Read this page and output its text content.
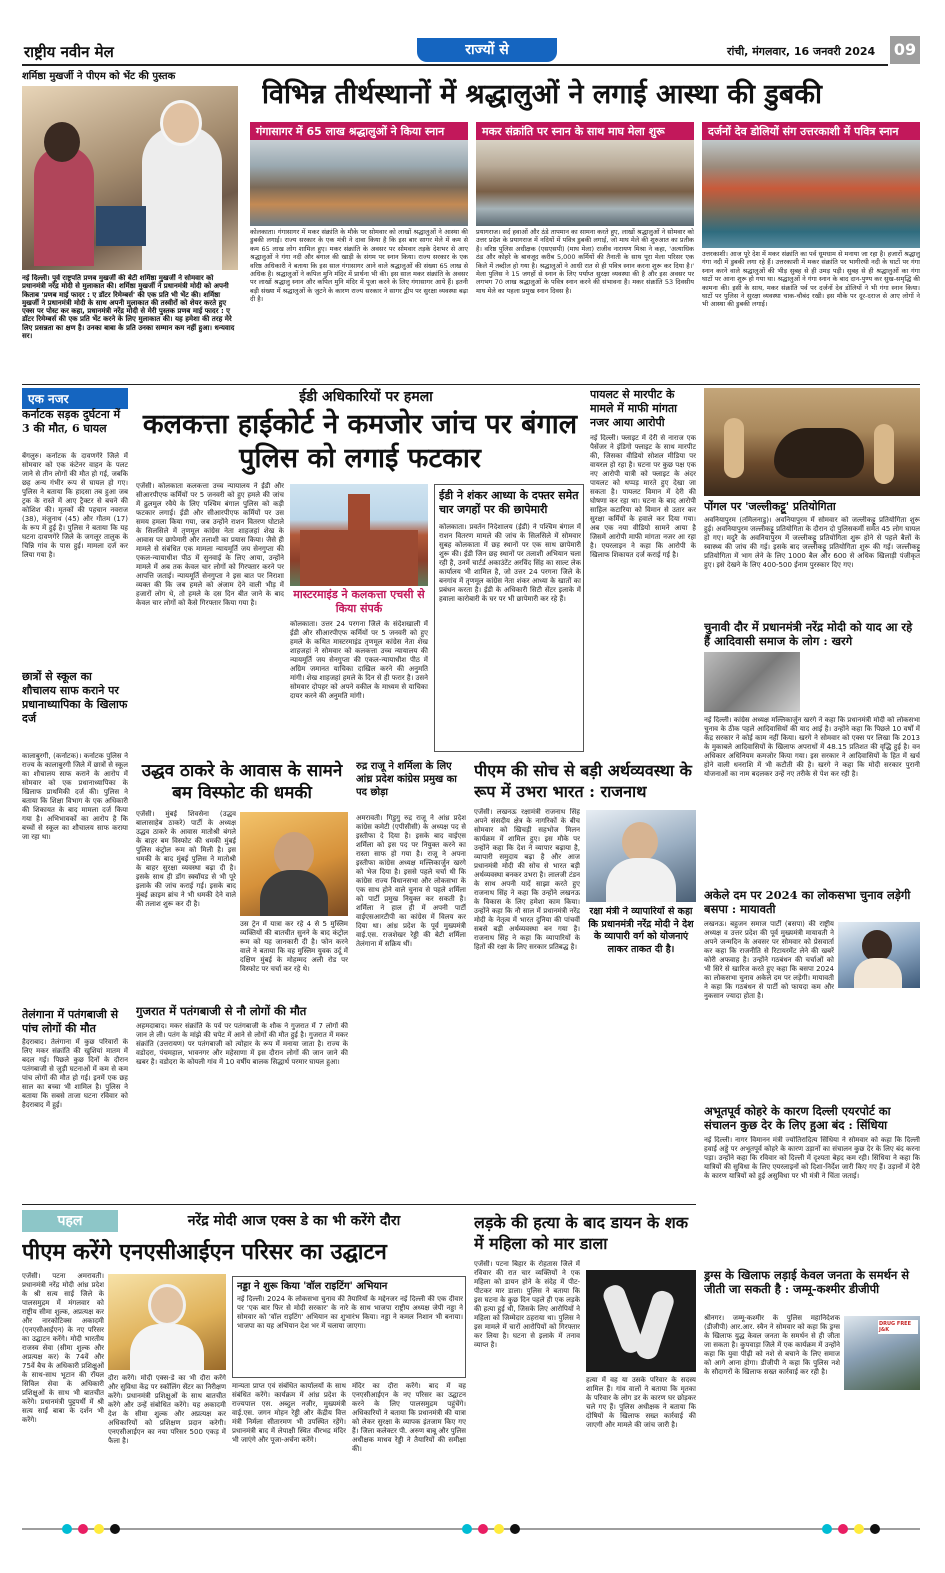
राष्ट्रीय नवीन मेल	राज्यों से	रांची, मंगलवार, 16 जनवरी 2024 09
शर्मिष्ठा मुखर्जी ने पीएम को भेंट की पुस्तक
नई दिल्ली। पूर्व राष्ट्रपति प्रणब मुखर्जी की बेटी शर्मिष्ठा मुखर्जी ने सोमवार को प्रधानमंत्री नरेंद्र मोदी से मुलाकात की। शर्मिष्ठा मुखर्जी ने प्रधानमंत्री मोदी को अपनी किताब 'प्रणब माई फादर : ए डॉटर रिमेम्बर्स' की एक प्रति भी भेंट की। शर्मिष्ठा मुखर्जी ने प्रधानमंत्री मोदी के साथ अपनी मुलाकात की तस्वीरों को शेयर करते हुए एक्स पर पोस्ट कर कहा, प्रधानमंत्री नरेंद्र मोदी से मेरी पुस्तक प्रणब माई फादर : ए डॉटर रिमेम्बर्स की एक प्रति भेंट करने के लिए मुलाकात की। यह हमेशा की तरह मेरे लिए प्रसन्नता का क्षण है। उनका बाबा के प्रति उनका सम्मान कम नहीं हुआ। धन्यवाद सर।
विभिन्न तीर्थस्थानों में श्रद्धालुओं ने लगाई आस्था की डुबकी
गंगासागर में 65 लाख श्रद्धालुओं ने किया स्नान
कोलकाता। गंगासागर में मकर संक्रांति के मौके पर सोमवार को लाखों श्रद्धालुओं ने आस्था की डुबकी लगाई। राज्य सरकार के एक मंत्री ने दावा किया है कि इस बार सागर मेले में कम से कम 65 लाख लोग शामिल हुए। मकर संक्रांति के अवसर पर सोमवार तड़के देशभर से आए श्रद्धालुओं ने गंगा नदी और बंगाल की खाड़ी के संगम पर स्नान किया। राज्य सरकार के एक वरिष्ठ अधिकारी ने बताया कि इस साल गंगासागर आने वाले श्रद्धालुओं की संख्या 65 लाख से अधिक है। श्रद्धालुओं ने कपिल मुनि मंदिर में प्रार्थना भी की। इस साल मकर संक्रांति के अवसर पर लाखों श्रद्धालु स्नान और कपिल मुनि मंदिर में पूजा करने के लिए गंगासागर आये हैं। इतनी बड़ी संख्या में श्रद्धालुओं के जुटने के कारण राज्य सरकार ने सागर द्वीप पर सुरक्षा व्यवस्था बढ़ा दी है।
मकर संक्रांति पर स्नान के साथ माघ मेला शुरू
प्रयागराज। सर्द हवाओं और ठंडे तापमान का सामना करते हुए, लाखों श्रद्धालुओं ने सोमवार को उत्तर प्रदेश के प्रयागराज में नदियों में पवित्र डुबकी लगाई, जो माघ मेले की शुरुआत का प्रतीक है। वरिष्ठ पुलिस अधीक्षक (एसएसपी) (माघ मेला) राजीव नारायण मिश्रा ने कहा, 'अत्याधिक ठंड और कोहरे के बावजूद करीब 5,000 कर्मियों की तैनाती के साथ पूरा मेला परिसर एक किले में तब्दील हो गया है। श्रद्धालुओं ने आधी रात से ही पवित्र स्नान करना शुरू कर दिया है।' मेला पुलिस ने 15 जगहों से स्नान के लिए पर्याप्त सुरक्षा व्यवस्था की है और इस अवसर पर लगभग 70 लाख श्रद्धालुओं के पवित्र स्नान करने की संभावना है। मकर संक्रांति 53 दिवसीय माघ मेले का पहला प्रमुख स्नान दिवस है।
दर्जनों देव डोलियों संग उत्तरकाशी में पवित्र स्नान
उत्तरकाशी। आज पूरे देश में मकर संक्रांति का पर्व धूमधाम से मनाया जा रहा है। हजारों श्रद्धालु गंगा नदी में डुबकी लगा रहे हैं। उत्तरकाशी में मकर संक्रांति पर भागीरथी नदी के घाटों पर गंगा स्नान करने वाले श्रद्धालुओं की भीड़ सुबह से ही उमड़ पड़ी। सुबह से ही श्रद्धालुओं का गंगा घाटों पर आना शुरू हो गया था। श्रद्धालुओं ने गंगा स्नान के बाद दान-पुण्य कर सुख-समृद्धि की कामना की। इसी के साथ, मकर संक्रांति पर्व पर दर्जनों देव डोलियों ने भी गंगा स्नान किया। घाटों पर पुलिस ने सुरक्षा व्यवस्था चाक-चौबंद रखी। इस मौके पर दूर-दराज से आए लोगों ने भी आस्था की डुबकी लगाई।
एक नजर
कर्नाटक सड़क दुर्घटना में 3 की मौत, 6 घायल
बेंगलुरु। कर्नाटक के दावणगेरे जिले में सोमवार को एक कंटेनर वाहन के पलट जाने से तीन लोगों की मौत हो गई, जबकि छह अन्य गंभीर रूप से घायल हो गए। पुलिस ने बताया कि हादसा तब हुआ जब ट्रक के रास्ते में आए ट्रैक्टर से बचने की कोशिश की। मृतकों की पहचान नवराज (38), मंजुनाथ (45) और गौतम (17) के रूप में हुई है। पुलिस ने बताया कि यह घटना दावणगेरे जिले के जगलूर तालुक के चिन्नि गांव के पास हुई। मामला दर्ज कर लिया गया है।
छात्रों से स्कूल का शौचालय साफ कराने पर प्रधानाध्यापिका के खिलाफ दर्ज
कालाबुरगी, (कर्नाटक)। कर्नाटक पुलिस ने राज्य के कालाबुरगी जिले में छात्रों से स्कूल का शौचालय साफ कराने के आरोप में सोमवार को एक प्रधानाध्यापिका के खिलाफ प्राथमिकी दर्ज की। पुलिस ने बताया कि शिक्षा विभाग के एक अधिकारी की शिकायत के बाद मामला दर्ज किया गया है। अभिभावकों का आरोप है कि बच्चों से स्कूल का शौचालय साफ कराया जा रहा था।
तेलंगाना में पतंगबाजी से पांच लोगों की मौत
हैदराबाद। तेलंगाना में कुछ परिवारों के लिए मकर संक्रांति की खुशियां मातम में बदल गई। पिछले कुछ दिनों के दौरान पतंगबाजी से जुड़ी घटनाओं में कम से कम पांच लोगों की मौत हो गई। इनमें एक छह साल का बच्चा भी शामिल है। पुलिस ने बताया कि सबसे ताजा घटना रविवार को हैदराबाद में हुई।
ईडी अधिकारियों पर हमला
कलकत्ता हाईकोर्ट ने कमजोर जांच पर बंगाल पुलिस को लगाई फटकार
एजेंसी। कोलकाता कलकत्ता उच्च न्यायालय ने ईडी और सीआरपीएफ कर्मियों पर 5 जनवरी को हुए हमले की जांच में ढुलमुल रवैये के लिए पश्चिम बंगाल पुलिस को कड़ी फटकार लगाई। ईडी और सीआरपीएफ कर्मियों पर उस समय हमला किया गया, जब उन्होंने राशन वितरण घोटाले के सिलसिले में तृणमूल कांग्रेस नेता शाहजहां शेख के आवास पर छापेमारी और तलाशी का प्रयास किया। जैसे ही मामले से संबंधित एक मामला न्यायमूर्ति जय सेनगुप्ता की एकल-न्यायाधीश पीठ में सुनवाई के लिए आया, उन्होंने मामले में अब तक केवल चार लोगों को गिरफ्तार करने पर आपत्ति जताई। न्यायमूर्ति सेनगुप्ता ने इस बात पर निराशा व्यक्त की कि जब हमले को अंजाम देने वाली भीड़ में हजारों लोग थे, तो हमले के दस दिन बीत जाने के बाद केवल चार लोगों को कैसे गिरफ्तार किया गया है।
मास्टरमाइंड ने कलकत्ता एचसी से किया संपर्क
कोलकाता। उत्तर 24 परगना जिले के संदेशखाली में ईडी और सीआरपीएफ कर्मियों पर 5 जनवरी को हुए हमले के कथित मास्टरमाइंड तृणमूल कांग्रेस नेता शेख शाहजहां ने सोमवार को कलकत्ता उच्च न्यायालय की न्यायमूर्ति जय सेनगुप्ता की एकल-न्यायाधीश पीठ में अग्रिम जमानत याचिका दाखिल करने की अनुमति मांगी। शेख शाहजहां हमले के दिन से ही फरार है। उसने सोमवार दोपहर को अपने वकील के माध्यम से याचिका दायर करने की अनुमति मांगी।
ईडी ने शंकर आध्या के दफ्तर समेत चार जगहों पर की छापेमारी
कोलकाता। प्रवर्तन निदेशालय (ईडी) ने पश्चिम बंगाल में राशन वितरण मामले की जांच के सिलसिले में सोमवार सुबह कोलकाता में छह स्थानों पर एक साथ छापेमारी शुरू की। ईडी जिन छह स्थानों पर तलाशी अभियान चला रही है, उनमें चार्टर्ड अकाउंटेंट अरविंद सिंह का साल्ट लेक कार्यालय भी शामिल है, जो उत्तर 24 परगना जिले के बनगांव में तृणमूल कांग्रेस नेता शंकर आध्या के खातों का प्रबंधन करता है। ईडी के अधिकारी सिटी सेंटर इलाके में हवाला कारोबारी के घर पर भी छापेमारी कर रहे हैं।
पायलट से मारपीट के मामले में माफी मांगता नजर आया आरोपी
नई दिल्ली। फ्लाइट में देरी से नाराज एक पैसेंजर ने इंडिगो फ्लाइट के साथ मारपीट की, जिसका वीडियो सोशल मीडिया पर वायरल हो रहा है। घटना पर कुछ पक्ष एक नए आरोपी यात्री को फ्लाइट के अंदर पायलट को थप्पड़ मारते हुए देखा जा सकता है। पायलट विमान में देरी की घोषणा कर रहा था। घटना के बाद आरोपी साहिल कटारिया को विमान से उतार कर सुरक्षा कर्मियों के हवाले कर दिया गया। अब एक नया वीडियो सामने आया है जिसमें आरोपी माफी मांगता नजर आ रहा है। एयरलाइन ने कहा कि आरोपी के खिलाफ शिकायत दर्ज कराई गई है।
पोंगल पर 'जल्लीकट्टू' प्रतियोगिता
अवनियापुरम (तमिलनाडु)। अवनियापुरम में सोमवार को जल्लीकट्टू प्रतियोगिता शुरू हुई। अवनियापुरम जल्लीकट्टू प्रतियोगिता के दौरान दो पुलिसकर्मी समेत 45 लोग घायल हो गए। मदुरै के अवनियापुरम में जल्लीकट्टू प्रतियोगिता शुरू होने से पहले बैलों के स्वास्थ्य की जांच की गई। इसके बाद जल्लीकट्टू प्रतियोगिता शुरू की गई। जल्लीकट्टू प्रतियोगिता में भाग लेने के लिए 1000 बैल और 600 से अधिक खिलाड़ी पंजीकृत हुए। इसे देखने के लिए 400-500 ईनाम पुरस्कार दिए गए।
चुनावी दौर में प्रधानमंत्री नरेंद्र मोदी को याद आ रहे हैं आदिवासी समाज के लोग : खरगे
नई दिल्ली। कांग्रेस अध्यक्ष मल्लिकार्जुन खरगे ने कहा कि प्रधानमंत्री मोदी को लोकसभा चुनाव के ठीक पहले आदिवासियों की याद आई है। उन्होंने कहा कि पिछले 10 वर्षों में केंद्र सरकार ने कोई काम नहीं किया। खरगे ने सोमवार को एक्स पर लिखा कि 2013 के मुकाबले आदिवासियों के खिलाफ अपराधों में 48.15 प्रतिशत की वृद्धि हुई है। वन अधिकार अधिनियम कमजोर किया गया। इस सरकार ने आदिवासियों के हित में खर्च होने वाली धनराशि में भी कटौती की है। खरगे ने कहा कि मोदी सरकार पुरानी योजनाओं का नाम बदलकर उन्हें नए तरीके से पेश कर रही है।
अकेले दम पर 2024 का लोकसभा चुनाव लड़ेगी बसपा : मायावती
लखनऊ। बहुजन समाज पार्टी (बसपा) की राष्ट्रीय अध्यक्ष व उत्तर प्रदेश की पूर्व मुख्यमंत्री मायावती ने अपने जन्मदिन के अवसर पर सोमवार को प्रेसवार्ता कर कहा कि राजनीति से रिटायरमेंट लेने की खबरें कोरी अफवाह है। उन्होंने गठबंधन की चर्चाओं को भी सिरे से खारिज करते हुए कहा कि बसपा 2024 का लोकसभा चुनाव अकेले दम पर लड़ेगी। मायावती ने कहा कि गठबंधन से पार्टी को फायदा कम और नुकसान ज्यादा होता है।
अभूतपूर्व कोहरे के कारण दिल्ली एयरपोर्ट का संचालन कुछ देर के लिए हुआ बंद : सिंधिया
नई दिल्ली। नागर विमानन मंत्री ज्योतिरादित्य सिंधिया ने सोमवार को कहा कि दिल्ली हवाई अड्डे पर अभूतपूर्व कोहरे के कारण उड़ानों का संचालन कुछ देर के लिए बंद करना पड़ा। उन्होंने कहा कि रविवार को दिल्ली में दृश्यता बेहद कम रही। सिंधिया ने कहा कि यात्रियों की सुविधा के लिए एयरलाइनों को दिशा-निर्देश जारी किए गए हैं। उड़ानों में देरी के कारण यात्रियों को हुई असुविधा पर भी मंत्री ने चिंता जताई।
ड्रग्स के खिलाफ लड़ाई केवल जनता के समर्थन से जीती जा सकती है : जम्मू-कश्मीर डीजीपी
श्रीनगर। जम्मू-कश्मीर के पुलिस महानिदेशक (डीजीपी) आर.आर. स्वैन ने सोमवार को कहा कि ड्रग्स के खिलाफ युद्ध केवल जनता के समर्थन से ही जीता जा सकता है। कुपवाड़ा जिले में एक कार्यक्रम में उन्होंने कहा कि युवा पीढ़ी को नशे से बचाने के लिए समाज को आगे आना होगा। डीजीपी ने कहा कि पुलिस नशे के सौदागरों के खिलाफ सख्त कार्रवाई कर रही है।
DRUG FREE J&K
उद्धव ठाकरे के आवास के सामने बम विस्फोट की धमकी
एजेंसी। मुंबई शिवसेना (उद्धव बालासाहेब ठाकरे) पार्टी के अध्यक्ष उद्धव ठाकरे के आवास मातोश्री बंगले के बाहर बम विस्फोट की धमकी मुंबई पुलिस कंट्रोल रूम को मिली है। इस धमकी के बाद मुंबई पुलिस ने मातोश्री के बाहर सुरक्षा व्यवस्था बढ़ा दी है। इसके साथ ही डॉग स्क्वॉयड से भी पूरे इलाके की जांच कराई गई। इसके बाद मुंबई क्राइम ब्रांच ने भी धमकी देने वाले की तलाश शुरू कर दी है।
उस ट्रेन में यात्रा कर रहे 4 से 5 मुस्लिम व्यक्तियों की बातचीत सुनने के बाद कंट्रोल रूम को यह जानकारी दी है। फोन करने वाले ने बताया कि वह मुस्लिम युवक उर्दू में दक्षिण मुंबई के मोहम्मद अली रोड पर विस्फोट पर चर्चा कर रहे थे।
गुजरात में पतंगबाजी से नौ लोगों की मौत
अहमदाबाद। मकर संक्रांति के पर्व पर पतंगबाजी के शौक ने गुजरात में 7 लोगों की जान ले ली। पतंग के मांझे की चपेट में आने से लोगों की मौत हुई है। गुजरात में मकर संक्रांति (उत्तरायण) पर पतंगबाजी को त्योहार के रूप में मनाया जाता है। राज्य के वडोदरा, पंचमहाल, भावनगर और महेसाणा में इस दौरान लोगों की जान जाने की खबर है। वडोदरा के कोयली गांव में 10 वर्षीय बालक सिद्धार्थ परमार घायल हुआ।
रुद्र राजू ने शर्मिला के लिए आंध्र प्रदेश कांग्रेस प्रमुख का पद छोड़ा
अमरावती। गिडुगु रुद्र राजू ने आंध्र प्रदेश कांग्रेस कमेटी (एपीसीसी) के अध्यक्ष पद से इस्तीफा दे दिया है। इसके बाद वाईएस शर्मिला को इस पद पर नियुक्त करने का रास्ता साफ हो गया है। राजू ने अपना इस्तीफा कांग्रेस अध्यक्ष मल्लिकार्जुन खरगे को भेज दिया है। इससे पहले चर्चा थी कि कांग्रेस राज्य विधानसभा और लोकसभा के एक साथ होने वाले चुनाव से पहले शर्मिला को पार्टी प्रमुख नियुक्त कर सकती है। शर्मिला ने हाल ही में अपनी पार्टी वाईएसआरटीपी का कांग्रेस में विलय कर दिया था। आंध्र प्रदेश के पूर्व मुख्यमंत्री वाई.एस. राजशेखर रेड्डी की बेटी शर्मिला तेलंगाना में सक्रिय थीं।
पीएम की सोच से बड़ी अर्थव्यवस्था के रूप में उभरा भारत : राजनाथ
एजेंसी। लखनऊ रक्षामंत्री राजनाथ सिंह अपने संसदीय क्षेत्र के नागरिकों के बीच सोमवार को खिचड़ी सहभोज मिलन कार्यक्रम में शामिल हुए। इस मौके पर उन्होंने कहा कि देश ने व्यापार बढ़ाया है, व्यापारी समुदाय बढ़ा है और आज प्रधानमंत्री मोदी की सोच से भारत बड़ी अर्थव्यवस्था बनकर उभरा है। लालजी टंडन के साथ अपनी यादें साझा करते हुए राजनाथ सिंह ने कहा कि उन्होंने लखनऊ के विकास के लिए हमेशा काम किया। उन्होंने कहा कि नौ साल में प्रधानमंत्री नरेंद्र मोदी के नेतृत्व में भारत दुनिया की पांचवीं सबसे बड़ी अर्थव्यवस्था बन गया है। राजनाथ सिंह ने कहा कि व्यापारियों के हितों की रक्षा के लिए सरकार प्रतिबद्ध है।
रक्षा मंत्री ने व्यापारियों से कहा कि प्रधानमंत्री नरेंद्र मोदी ने देश के व्यापारी वर्ग को योजनाएं लाकर ताकत दी है।
पहल	नरेंद्र मोदी आज एक्स डे का भी करेंगे दौरा
पीएम करेंगे एनएसीआईएन परिसर का उद्घाटन
एजेंसी। पटना अमरावती। प्रधानमंत्री नरेंद्र मोदी आंध्र प्रदेश के श्री सत्य साई जिले के पालसमुद्रम में मंगलवार को राष्ट्रीय सीमा शुल्क, अप्रत्यक्ष कर और नारकोटिक्स अकादमी (एनएसीआईएन) के नए परिसर का उद्घाटन करेंगे। मोदी भारतीय राजस्व सेवा (सीमा शुल्क और अप्रत्यक्ष कर) के 74वें और 75वें बैच के अधिकारी प्रशिक्षुओं के साथ-साथ भूटान की रॉयल सिविल सेवा के अधिकारी प्रशिक्षुओं के साथ भी बातचीत करेंगे। प्रधानमंत्री पुट्टपर्थी में श्री सत्य साईं बाबा के दर्शन भी करेंगे।
दौरा करेंगे। मोदी एक्स-डे का भी दौरा करेंगे और सुविधा केंद्र पर स्कॉलिंग सेंटर का निरीक्षण करेंगे। प्रधानमंत्री प्रशिक्षुओं के साथ बातचीत करेंगे और उन्हें संबोधित करेंगे। यह अकादमी देश के सीमा शुल्क और अप्रत्यक्ष कर अधिकारियों को प्रशिक्षण प्रदान करेगी। एनएसीआईएन का नया परिसर 500 एकड़ में फैला है।
नड्डा ने शुरू किया 'वॉल राइटिंग' अभियान
नई दिल्ली। 2024 के लोकसभा चुनाव की तैयारियों के मद्देनजर नई दिल्ली की एक दीवार पर 'एक बार फिर से मोदी सरकार' के नारे के साथ भाजपा राष्ट्रीय अध्यक्ष जेपी नड्डा ने सोमवार को 'वॉल राइटिंग' अभियान का शुभारंभ किया। नड्डा ने कमल निशान भी बनाया। भाजपा का यह अभियान देश भर में चलाया जाएगा।
मान्यता प्राप्त एवं संबंधित कार्यालयों के साथ संबंधित करेंगे। कार्यक्रम में आंध्र प्रदेश के राज्यपाल एस. अब्दुल नजीर, मुख्यमंत्री वाई.एस. जगन मोहन रेड्डी और केंद्रीय वित्त मंत्री निर्मला सीतारमण भी उपस्थित रहेंगे। प्रधानमंत्री बाद में लेपाक्षी स्थित वीरभद्र मंदिर भी जाएंगे और पूजा-अर्चना करेंगे।
मंदिर का दौरा करेंगे। बाद में वह एनएसीआईएन के नए परिसर का उद्घाटन करने के लिए पालसमुद्रम पहुंचेंगे। अधिकारियों ने बताया कि प्रधानमंत्री की यात्रा को लेकर सुरक्षा के व्यापक इंतजाम किए गए हैं। जिला कलेक्टर पी. अरुण बाबू और पुलिस अधीक्षक माधव रेड्डी ने तैयारियों की समीक्षा की।
लड़के की हत्या के बाद डायन के शक में महिला को मार डाला
एजेंसी। पटना बिहार के रोहतास जिले में रविवार की रात चार व्यक्तियों ने एक महिला को डायन होने के संदेह में पीट-पीटकर मार डाला। पुलिस ने बताया कि इस घटना के कुछ दिन पहले ही एक लड़के की हत्या हुई थी, जिसके लिए आरोपियों ने महिला को जिम्मेदार ठहराया था। पुलिस ने इस मामले में चारों आरोपियों को गिरफ्तार कर लिया है। घटना से इलाके में तनाव व्याप्त है।
हत्या में वह या उसके परिवार के सदस्य शामिल हैं। गांव वालों ने बताया कि मृतका के परिवार के लोग डर के कारण घर छोड़कर चले गए हैं। पुलिस अधीक्षक ने बताया कि दोषियों के खिलाफ सख्त कार्रवाई की जाएगी और मामले की जांच जारी है।
